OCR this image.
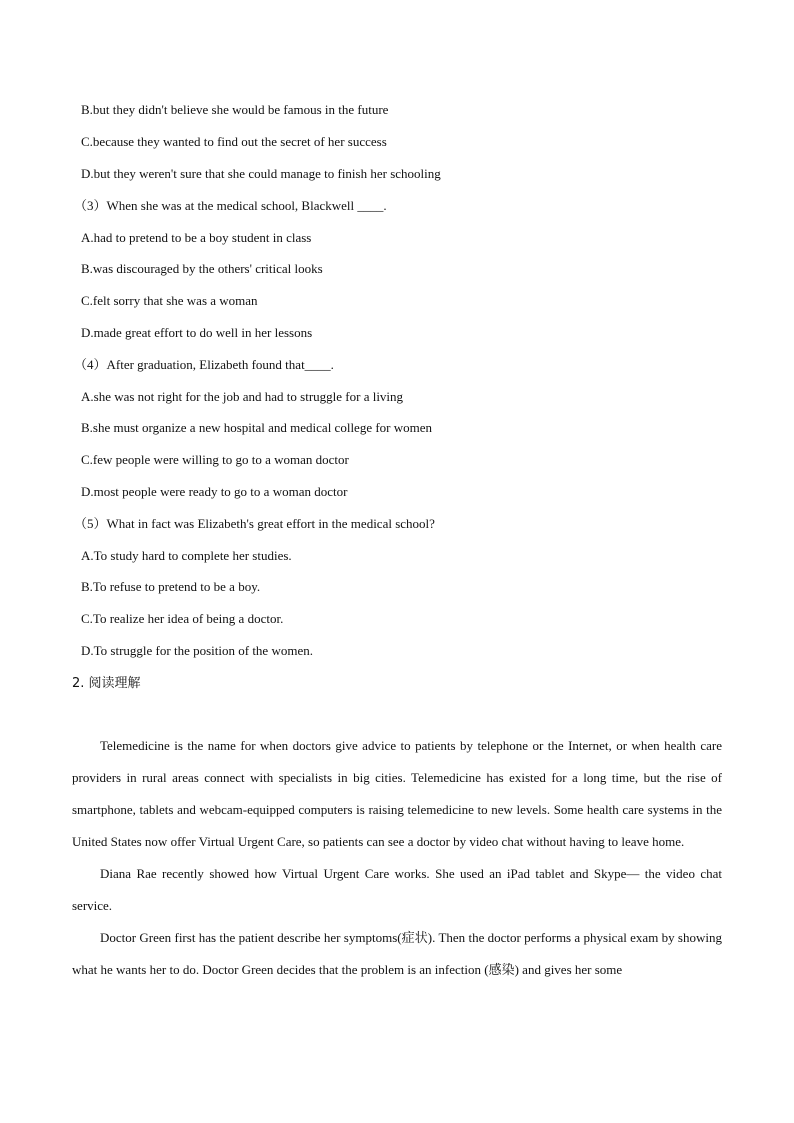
B.but they didn't believe she would be famous in the future
C.because they wanted to find out the secret of her success
D.but they weren't sure that she could manage to finish her schooling
（3）When she was at the medical school, Blackwell ____.
A.had to pretend to be a boy student in class
B.was discouraged by the others' critical looks
C.felt sorry that she was a woman
D.made great effort to do well in her lessons
（4）After graduation, Elizabeth found that____.
A.she was not right for the job and had to struggle for a living
B.she must organize a new hospital and medical college for women
C.few people were willing to go to a woman doctor
D.most people were ready to go to a woman doctor
（5）What in fact was Elizabeth's great effort in the medical school?
A.To study hard to complete her studies.
B.To refuse to pretend to be a boy.
C.To realize her idea of being a doctor.
D.To struggle for the position of the women.
2. 阅读理解

Telemedicine is the name for when doctors give advice to patients by telephone or the Internet, or when health care providers in rural areas connect with specialists in big cities. Telemedicine has existed for a long time, but the rise of smartphone, tablets and webcam-equipped computers is raising telemedicine to new levels. Some health care systems in the United States now offer Virtual Urgent Care, so patients can see a doctor by video chat without having to leave home.

Diana Rae recently showed how Virtual Urgent Care works. She used an iPad tablet and Skype— the video chat service.

Doctor Green first has the patient describe her symptoms(症状). Then the doctor performs a physical exam by showing what he wants her to do. Doctor Green decides that the problem is an infection (感染) and gives her some
